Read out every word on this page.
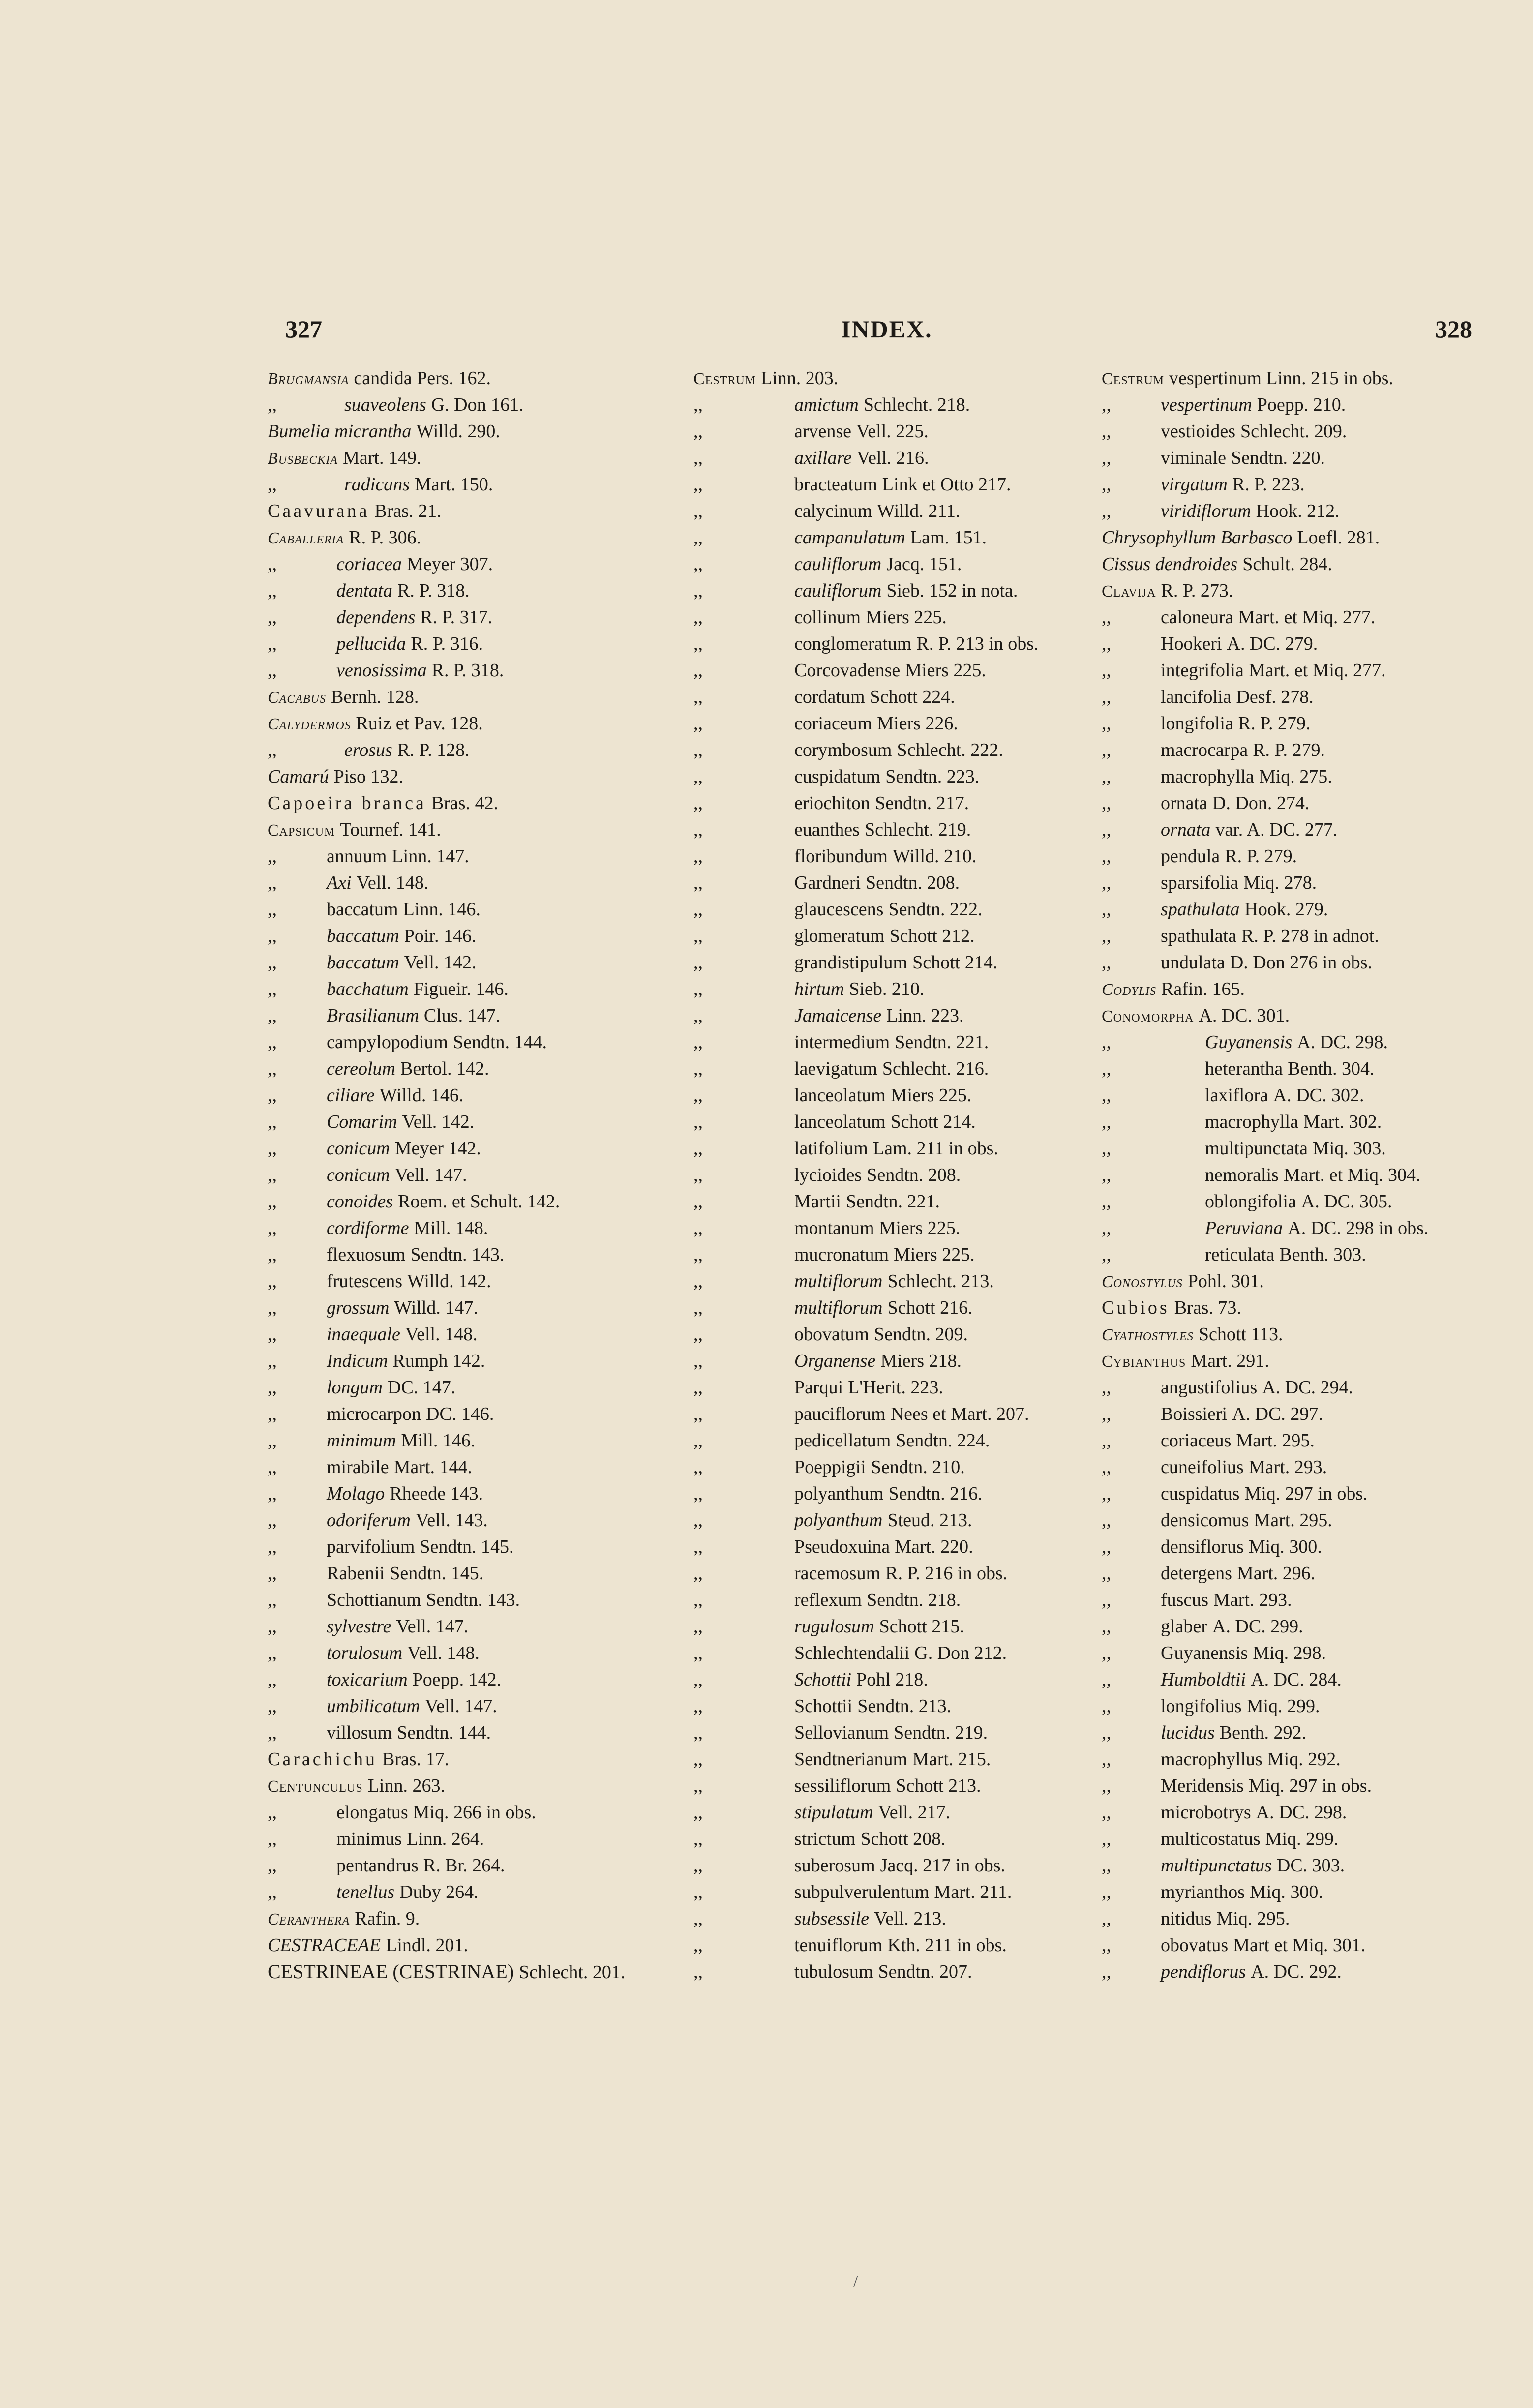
327	INDEX.	328
Brugmansia candida Pers. 162.
,,	suaveolens G. Don 161.
Bumelia micrantha Willd. 290.
Busbeckia Mart. 149.
,,	radicans Mart. 150.
Caavurana Bras. 21.
Caballeria R. P. 306.
,,	coriacea Meyer 307.
,,	dentata R. P. 318.
,,	dependens R. P. 317.
,,	pellucida R. P. 316.
,,	venosissima R. P. 318.
Cacabus Bernh. 128.
Calydermos Ruiz et Pav. 128.
,,	erosus R. P. 128.
Camarú Piso 132.
Capoeira branca Bras. 42.
Capsicum Tournef. 141.
,,	annuum Linn. 147.
,,	Axi Vell. 148.
,,	baccatum Linn. 146.
,,	baccatum Poir. 146.
,,	baccatum Vell. 142.
,,	bacchatum Figueir. 146.
,,	Brasilianum Clus. 147.
,,	campylopodium Sendtn. 144.
,,	cereolum Bertol. 142.
,,	ciliare Willd. 146.
,,	Comarim Vell. 142.
,,	conicum Meyer 142.
,,	conicum Vell. 147.
,,	conoides Roem. et Schult. 142.
,,	cordiforme Mill. 148.
,,	flexuosum Sendtn. 143.
,,	frutescens Willd. 142.
,,	grossum Willd. 147.
,,	inaequale Vell. 148.
,,	Indicum Rumph 142.
,,	longum DC. 147.
,,	microcarpon DC. 146.
,,	minimum Mill. 146.
,,	mirabile Mart. 144.
,,	Molago Rheede 143.
,,	odoriferum Vell. 143.
,,	parvifolium Sendtn. 145.
,,	Rabenii Sendtn. 145.
,,	Schottianum Sendtn. 143.
,,	sylvestre Vell. 147.
,,	torulosum Vell. 148.
,,	toxicarium Poepp. 142.
,,	umbilicatum Vell. 147.
,,	villosum Sendtn. 144.
Carachichu Bras. 17.
Centunculus Linn. 263.
,,	elongatus Miq. 266 in obs.
,,	minimus Linn. 264.
,,	pentandrus R. Br. 264.
,,	tenellus Duby 264.
Ceranthera Rafin. 9.
CESTRACEAE Lindl. 201.
CESTRINEAE (CESTRINAE) Schlecht. 201.
Cestrum Linn. 203.
,,	amictum Schlecht. 218.
,,	arvense Vell. 225.
,,	axillare Vell. 216.
,,	bracteatum Link et Otto 217.
,,	calycinum Willd. 211.
,,	campanulatum Lam. 151.
,,	cauliflorum Jacq. 151.
,,	cauliflorum Sieb. 152 in nota.
,,	collinum Miers 225.
,,	conglomeratum R. P. 213 in obs.
,,	Corcovadense Miers 225.
,,	cordatum Schott 224.
,,	coriaceum Miers 226.
,,	corymbosum Schlecht. 222.
,,	cuspidatum Sendtn. 223.
,,	eriochiton Sendtn. 217.
,,	euanthes Schlecht. 219.
,,	floribundum Willd. 210.
,,	Gardneri Sendtn. 208.
,,	glaucescens Sendtn. 222.
,,	glomeratum Schott 212.
,,	grandistipulum Schott 214.
,,	hirtum Sieb. 210.
,,	Jamaicense Linn. 223.
,,	intermedium Sendtn. 221.
,,	laevigatum Schlecht. 216.
,,	lanceolatum Miers 225.
,,	lanceolatum Schott 214.
,,	latifolium Lam. 211 in obs.
,,	lycioides Sendtn. 208.
,,	Martii Sendtn. 221.
,,	montanum Miers 225.
,,	mucronatum Miers 225.
,,	multiflorum Schlecht. 213.
,,	multiflorum Schott 216.
,,	obovatum Sendtn. 209.
,,	Organense Miers 218.
,,	Parqui L'Herit. 223.
,,	pauciflorum Nees et Mart. 207.
,,	pedicellatum Sendtn. 224.
,,	Poeppigii Sendtn. 210.
,,	polyanthum Sendtn. 216.
,,	polyanthum Steud. 213.
,,	Pseudoxuina Mart. 220.
,,	racemosum R. P. 216 in obs.
,,	reflexum Sendtn. 218.
,,	rugulosum Schott 215.
,,	Schlechtendalii G. Don 212.
,,	Schottii Pohl 218.
,,	Schottii Sendtn. 213.
,,	Sellovianum Sendtn. 219.
,,	Sendtnerianum Mart. 215.
,,	sessiliflorum Schott 213.
,,	stipulatum Vell. 217.
,,	strictum Schott 208.
,,	suberosum Jacq. 217 in obs.
,,	subpulverulentum Mart. 211.
,,	subsessile Vell. 213.
,,	tenuiflorum Kth. 211 in obs.
,,	tubulosum Sendtn. 207.
Cestrum vespertinum Linn. 215 in obs.
,,	vespertinum Poepp. 210.
,,	vestioides Schlecht. 209.
,,	viminale Sendtn. 220.
,,	virgatum R. P. 223.
,,	viridiflorum Hook. 212.
Chrysophyllum Barbasco Loefl. 281.
Cissus dendroides Schult. 284.
Clavija R. P. 273.
,,	caloneura Mart. et Miq. 277.
,,	Hookeri A. DC. 279.
,,	integrifolia Mart. et Miq. 277.
,,	lancifolia Desf. 278.
,,	longifolia R. P. 279.
,,	macrocarpa R. P. 279.
,,	macrophylla Miq. 275.
,,	ornata D. Don. 274.
,,	ornata var. A. DC. 277.
,,	pendula R. P. 279.
,,	sparsifolia Miq. 278.
,,	spathulata Hook. 279.
,,	spathulata R. P. 278 in adnot.
,,	undulata D. Don 276 in obs.
Codylis Rafin. 165.
Conomorpha A. DC. 301.
,,	Guyanensis A. DC. 298.
,,	heterantha Benth. 304.
,,	laxiflora A. DC. 302.
,,	macrophylla Mart. 302.
,,	multipunctata Miq. 303.
,,	nemoralis Mart. et Miq. 304.
,,	oblongifolia A. DC. 305.
,,	Peruviana A. DC. 298 in obs.
,,	reticulata Benth. 303.
Conostylus Pohl. 301.
Cubios Bras. 73.
Cyathostyles Schott 113.
Cybianthus Mart. 291.
,,	angustifolius A. DC. 294.
,,	Boissieri A. DC. 297.
,,	coriaceus Mart. 295.
,,	cuneifolius Mart. 293.
,,	cuspidatus Miq. 297 in obs.
,,	densicomus Mart. 295.
,,	densiflorus Miq. 300.
,,	detergens Mart. 296.
,,	fuscus Mart. 293.
,,	glaber A. DC. 299.
,,	Guyanensis Miq. 298.
,,	Humboldtii A. DC. 284.
,,	longifolius Miq. 299.
,,	lucidus Benth. 292.
,,	macrophyllus Miq. 292.
,,	Meridensis Miq. 297 in obs.
,,	microbotrys A. DC. 298.
,,	multicostatus Miq. 299.
,,	multipunctatus DC. 303.
,,	myrianthos Miq. 300.
,,	nitidus Miq. 295.
,,	obovatus Mart et Miq. 301.
,,	pendiflorus A. DC. 292.
/
